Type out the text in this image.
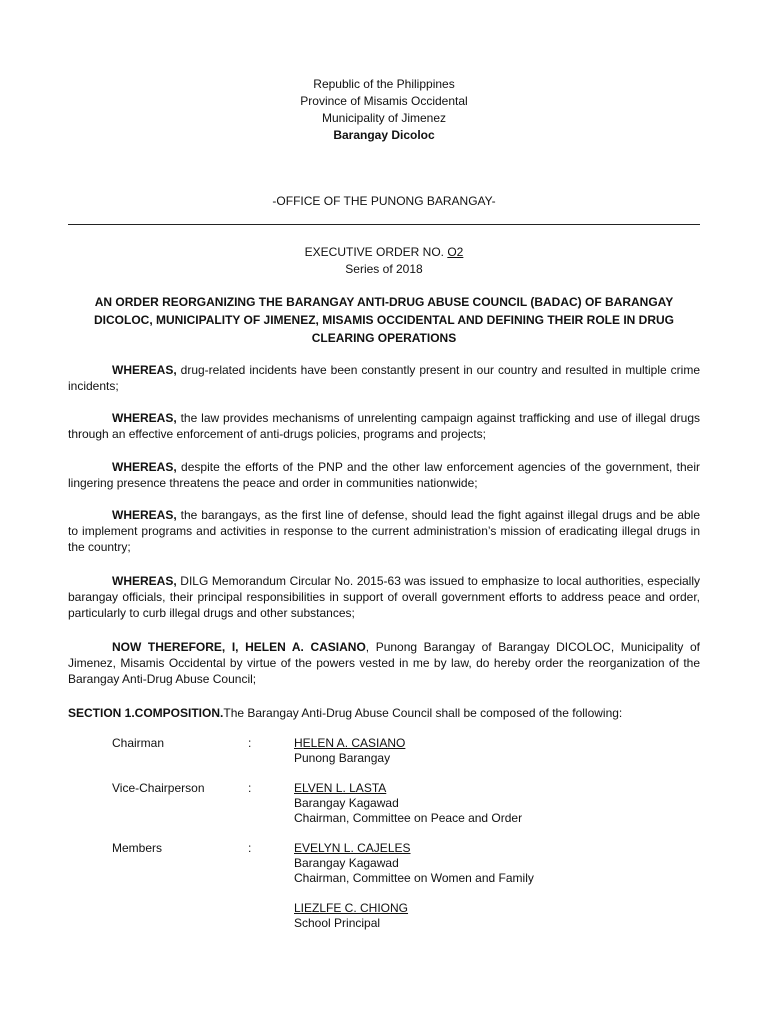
Republic of the Philippines
Province of Misamis Occidental
Municipality of Jimenez
Barangay Dicoloc
-OFFICE OF THE PUNONG BARANGAY-
EXECUTIVE ORDER NO. O2
Series of 2018
AN ORDER REORGANIZING THE BARANGAY ANTI-DRUG ABUSE COUNCIL (BADAC) OF BARANGAY DICOLOC, MUNICIPALITY OF JIMENEZ, MISAMIS OCCIDENTAL AND DEFINING THEIR ROLE IN DRUG CLEARING OPERATIONS
WHEREAS, drug-related incidents have been constantly present in our country and resulted in multiple crime incidents;
WHEREAS, the law provides mechanisms of unrelenting campaign against trafficking and use of illegal drugs through an effective enforcement of anti-drugs policies, programs and projects;
WHEREAS, despite the efforts of the PNP and the other law enforcement agencies of the government, their lingering presence threatens the peace and order in communities nationwide;
WHEREAS, the barangays, as the first line of defense, should lead the fight against illegal drugs and be able to implement programs and activities in response to the current administration’s mission of eradicating illegal drugs in the country;
WHEREAS, DILG Memorandum Circular No. 2015-63 was issued to emphasize to local authorities, especially barangay officials, their principal responsibilities in support of overall government efforts to address peace and order, particularly to curb illegal drugs and other substances;
NOW THEREFORE, I, HELEN A. CASIANO, Punong Barangay of Barangay DICOLOC, Municipality of Jimenez, Misamis Occidental by virtue of the powers vested in me by law, do hereby order the reorganization of the Barangay Anti-Drug Abuse Council;
SECTION 1.COMPOSITION.The Barangay Anti-Drug Abuse Council shall be composed of the following:
Chairman	:	HELEN A. CASIANO
Punong Barangay
Vice-Chairperson	:	ELVEN L. LASTA
Barangay Kagawad
Chairman, Committee on Peace and Order
Members	:	EVELYN L. CAJELES
Barangay Kagawad
Chairman, Committee on Women and Family
LIEZLFE C. CHIONG
School Principal
